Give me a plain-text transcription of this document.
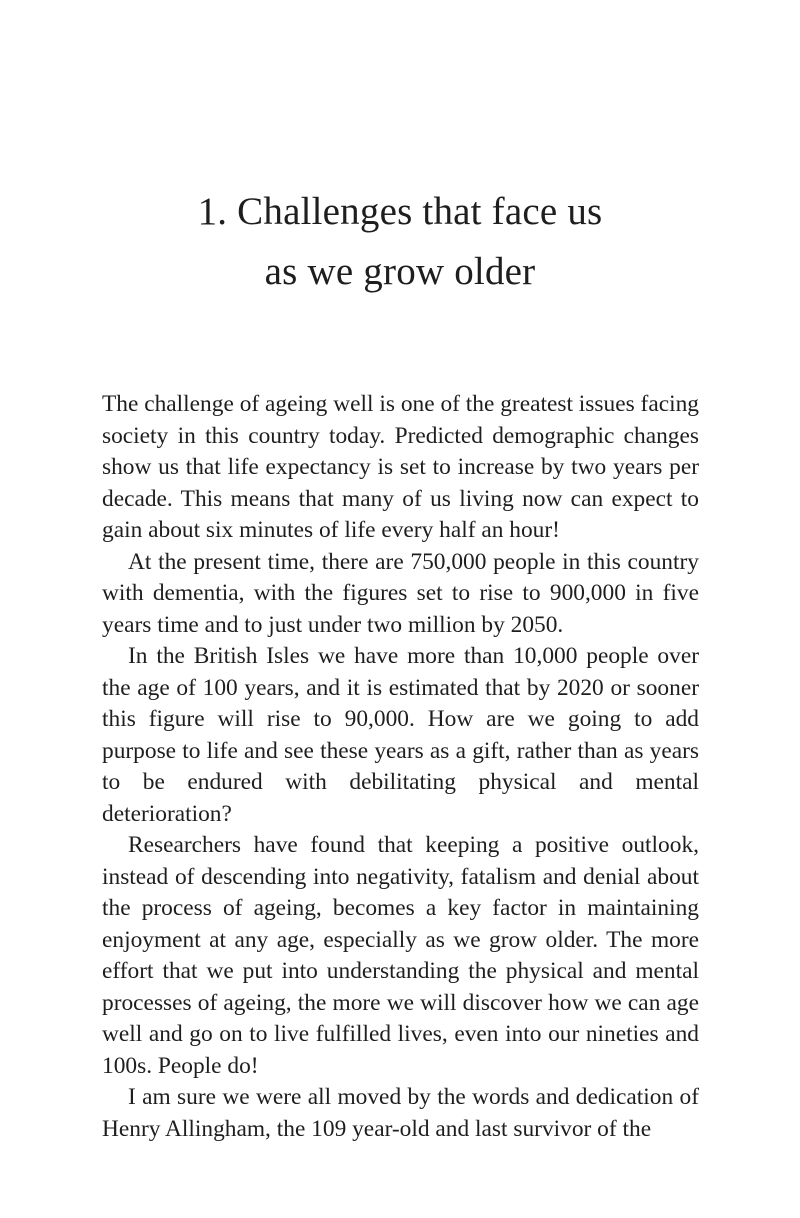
1. Challenges that face us
as we grow older

The challenge of ageing well is one of the greatest issues facing society in this country today. Predicted demographic changes show us that life expectancy is set to increase by two years per decade. This means that many of us living now can expect to gain about six minutes of life every half an hour!

At the present time, there are 750,000 people in this country with dementia, with the figures set to rise to 900,000 in five years time and to just under two million by 2050.

In the British Isles we have more than 10,000 people over the age of 100 years, and it is estimated that by 2020 or sooner this figure will rise to 90,000. How are we going to add purpose to life and see these years as a gift, rather than as years to be endured with debilitating physical and mental deterioration?

Researchers have found that keeping a positive outlook, instead of descending into negativity, fatalism and denial about the process of ageing, becomes a key factor in maintaining enjoyment at any age, especially as we grow older. The more effort that we put into understanding the physical and mental processes of ageing, the more we will discover how we can age well and go on to live fulfilled lives, even into our nineties and 100s. People do!

I am sure we were all moved by the words and dedication of Henry Allingham, the 109 year-old and last survivor of the
